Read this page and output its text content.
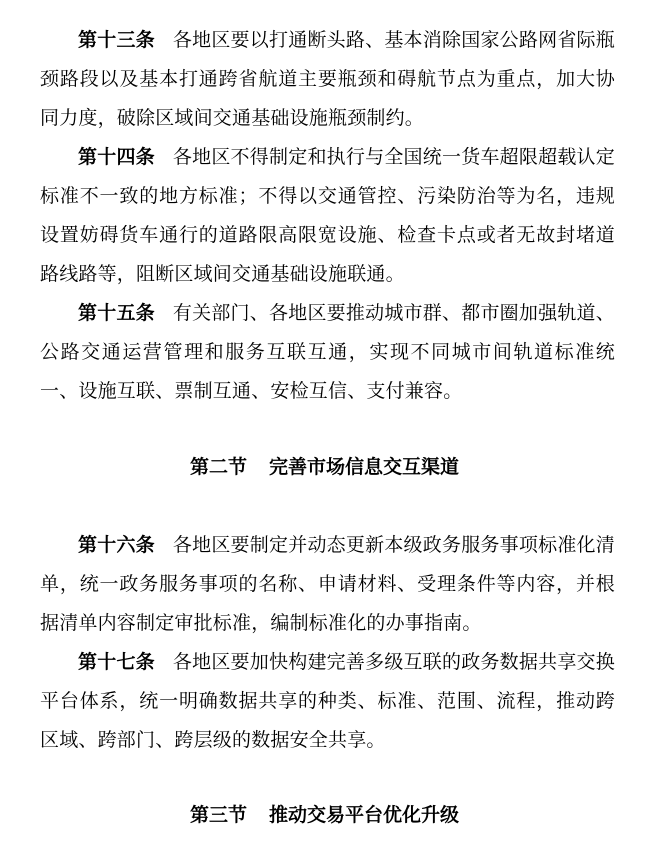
第十三条 各地区要以打通断头路、基本消除国家公路网省际瓶颈路段以及基本打通跨省航道主要瓶颈和碍航节点为重点，加大协同力度，破除区域间交通基础设施瓶颈制约。

第十四条 各地区不得制定和执行与全国统一货车超限超载认定标准不一致的地方标准；不得以交通管控、污染防治等为名，违规设置妨碍货车通行的道路限高限宽设施、检查卡点或者无故封堵道路线路等，阻断区域间交通基础设施联通。

第十五条 有关部门、各地区要推动城市群、都市圈加强轨道、公路交通运营管理和服务互联互通，实现不同城市间轨道标准统一、设施互联、票制互通、安检互信、支付兼容。

第二节 完善市场信息交互渠道

第十六条 各地区要制定并动态更新本级政务服务事项标准化清单，统一政务服务事项的名称、申请材料、受理条件等内容，并根据清单内容制定审批标准，编制标准化的办事指南。

第十七条 各地区要加快构建完善多级互联的政务数据共享交换平台体系，统一明确数据共享的种类、标准、范围、流程，推动跨区域、跨部门、跨层级的数据安全共享。

第三节 推动交易平台优化升级
